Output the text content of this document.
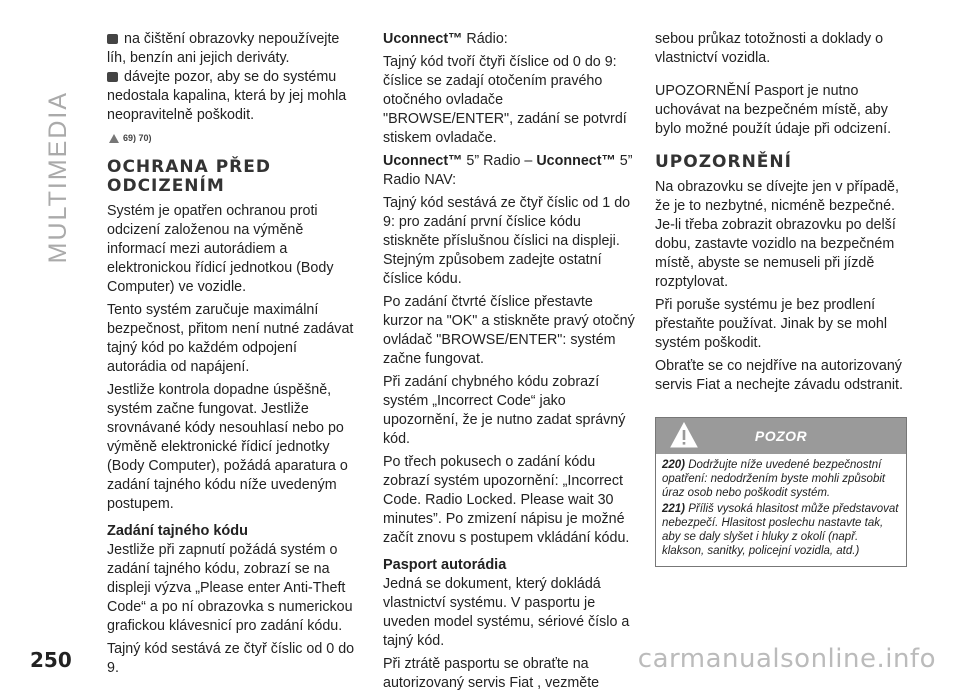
MULTIMEDIA

na čištění obrazovky nepoužívejte líh, benzín ani jejich deriváty.

dávejte pozor, aby se do systému nedostala kapalina, která by jej mohla neopravitelně poškodit.

69) 70)
OCHRANA PŘED ODCIZENÍM

Systém je opatřen ochranou proti odcizení založenou na výměně informací mezi autorádiem a elektronickou řídicí jednotkou (Body Computer) ve vozidle.

Tento systém zaručuje maximální bezpečnost, přitom není nutné zadávat tajný kód po každém odpojení autorádia od napájení.

Jestliže kontrola dopadne úspěšně, systém začne fungovat. Jestliže srovnávané kódy nesouhlasí nebo po výměně elektronické řídicí jednotky (Body Computer), požádá aparatura o zadání tajného kódu níže uvedeným postupem.

Zadání tajného kódu

Jestliže při zapnutí požádá systém o zadání tajného kódu, zobrazí se na displeji výzva „Please enter Anti-Theft Code“ a po ní obrazovka s numerickou grafickou klávesnicí pro zadání kódu.

Tajný kód sestává ze čtyř číslic od 0 do 9.

Uconnect™ Rádio:

Tajný kód tvoří čtyři číslice od 0 do 9: číslice se zadají otočením pravého otočného ovladače "BROWSE/ENTER", zadání se potvrdí stiskem ovladače.

Uconnect™ 5” Radio – Uconnect™ 5” Radio NAV:

Tajný kód sestává ze čtyř číslic od 1 do 9: pro zadání první číslice kódu stiskněte příslušnou číslici na displeji. Stejným způsobem zadejte ostatní číslice kódu.

Po zadání čtvrté číslice přestavte kurzor na "OK" a stiskněte pravý otočný ovládač "BROWSE/ENTER": systém začne fungovat.

Při zadání chybného kódu zobrazí systém „Incorrect Code“ jako upozornění, že je nutno zadat správný kód.

Po třech pokusech o zadání kódu zobrazí systém upozornění: „Incorrect Code. Radio Locked. Please wait 30 minutes”. Po zmizení nápisu je možné začít znovu s postupem vkládání kódu.

Pasport autorádia

Jedná se dokument, který dokládá vlastnictví systému. V pasportu je uveden model systému, sériové číslo a tajný kód.

Při ztrátě pasportu se obraťte na autorizovaný servis Fiat , vezměte

sebou průkaz totožnosti a doklady o vlastnictví vozidla.

UPOZORNĚNÍ Pasport je nutno uchovávat na bezpečném místě, aby bylo možné použít údaje při odcizení.

UPOZORNĚNÍ

Na obrazovku se dívejte jen v případě, že je to nezbytné, nicméně bezpečné. Je-li třeba zobrazit obrazovku po delší dobu, zastavte vozidlo na bezpečném místě, abyste se nemuseli při jízdě rozptylovat.

Při poruše systému je bez prodlení přestaňte používat. Jinak by se mohl systém poškodit.

Obraťte se co nejdříve na autorizovaný servis Fiat a nechejte závadu odstranit.

POZOR

220) Dodržujte níže uvedené bezpečnostní opatření: nedodržením byste mohli způsobit úraz osob nebo poškodit systém.

221) Příliš vysoká hlasitost může představovat nebezpečí. Hlasitost poslechu nastavte tak, aby se daly slyšet i hluky z okolí (např. klakson, sanitky, policejní vozidla, atd.)

250	carmanualsonline.info
